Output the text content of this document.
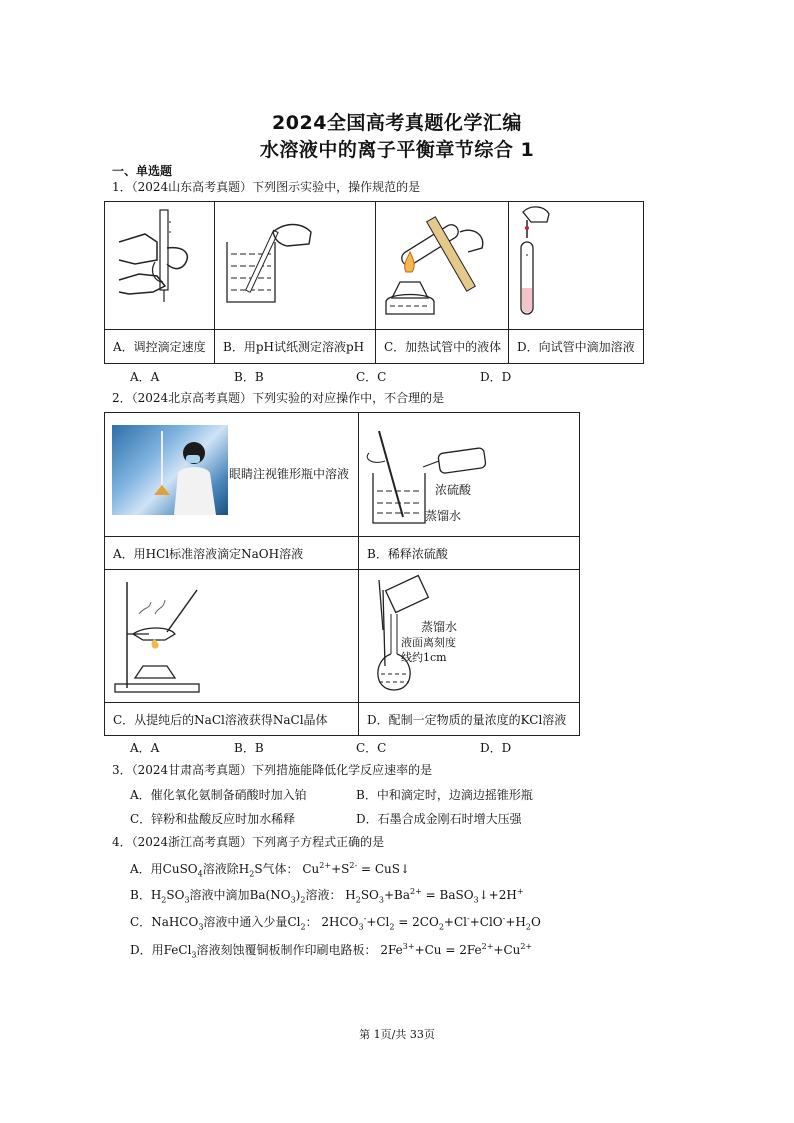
2024全国高考真题化学汇编
水溶液中的离子平衡章节综合 1
一、单选题
1．（2024山东高考真题）下列图示实验中，操作规范的是

A．调控滴定速度	B．用pH试纸测定溶液pH	C．加热试管中的液体	D．向试管中滴加溶液
A．A	B．B	C．C	D．D
2．（2024北京高考真题）下列实验的对应操作中，不合理的是
眼睛注视锥形瓶中溶液	浓硫酸
蒸馏水

A．用HCl标准溶液滴定NaOH溶液	B．稀释浓硫酸

蒸馏水
液面离刻度
线约1cm

C．从提纯后的NaCl溶液获得NaCl晶体	D．配制一定物质的量浓度的KCl溶液
A．A	B．B	C．C	D．D
3．（2024甘肃高考真题）下列措施能降低化学反应速率的是
A．催化氧化氨制备硝酸时加入铂	B．中和滴定时，边滴边摇锥形瓶
C．锌粉和盐酸反应时加水稀释	D．石墨合成金刚石时增大压强
4．（2024浙江高考真题）下列离子方程式正确的是
A．用CuSO$_4$溶液除$H_2S$气体： $Cu^{2+}+S^{2-}$ = CuS↓
B．$H_2SO_3$溶液中滴加$Ba(NO_3)_2$溶液： $H_2SO_3+Ba^{2+}$ = BaSO$_3$↓+2H+
C．NaHCO$_3$溶液中通入少量$Cl_2$： $2HCO_3^-+Cl_2 = 2CO_2+Cl^-+ClO^-+H_2O$
D．用FeCl$_3$溶液刻蚀覆铜板制作印刷电路板： $2Fe^{3+}+Cu = 2Fe^{2+}+Cu^{2+}$
第 1页/共 33页
